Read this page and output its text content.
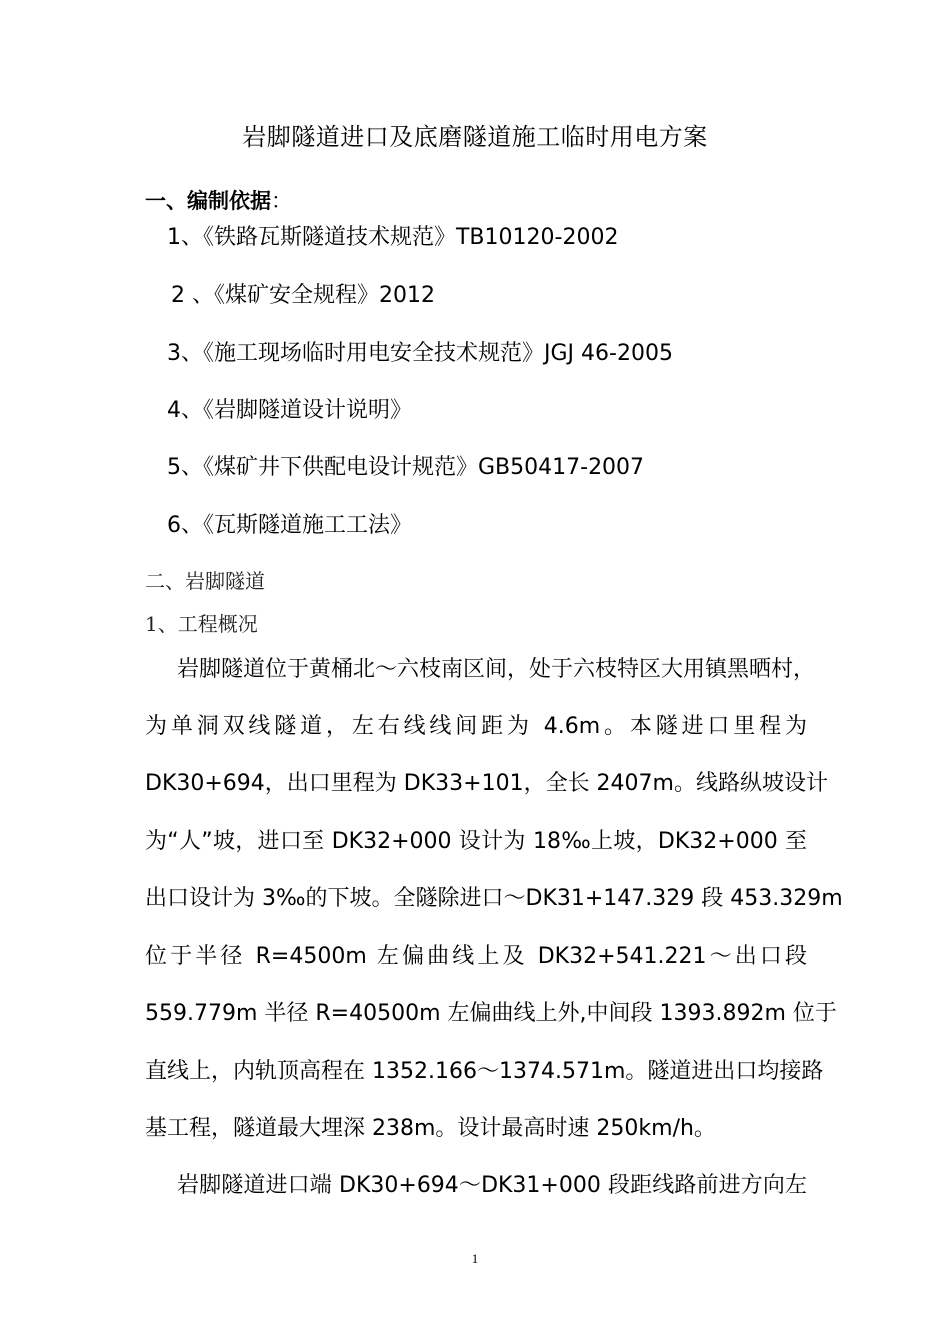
岩脚隧道进口及底磨隧道施工临时用电方案
一、编制依据：
1、《铁路瓦斯隧道技术规范》TB10120-2002
2 、《煤矿安全规程》2012
3、《施工现场临时用电安全技术规范》JGJ 46-2005
4、《岩脚隧道设计说明》
5、《煤矿井下供配电设计规范》GB50417-2007
6、《瓦斯隧道施工工法》
二、岩脚隧道
1、工程概况
岩脚隧道位于黄桶北～六枝南区间，处于六枝特区大用镇黑晒村，
为单洞双线隧道，左右线线间距为 4.6m。本隧进口里程为
DK30+694，出口里程为 DK33+101，全长 2407m。线路纵坡设计
为“人”坡，进口至 DK32+000 设计为 18‰上坡，DK32+000 至
出口设计为 3‰的下坡。全隧除进口～DK31+147.329 段 453.329m
位于半径 R=4500m 左偏曲线上及 DK32+541.221～出口段
559.779m 半径 R=40500m 左偏曲线上外,中间段 1393.892m 位于
直线上，内轨顶高程在 1352.166～1374.571m。隧道进出口均接路
基工程，隧道最大埋深 238m。设计最高时速 250km/h。
岩脚隧道进口端 DK30+694～DK31+000 段距线路前进方向左
1
